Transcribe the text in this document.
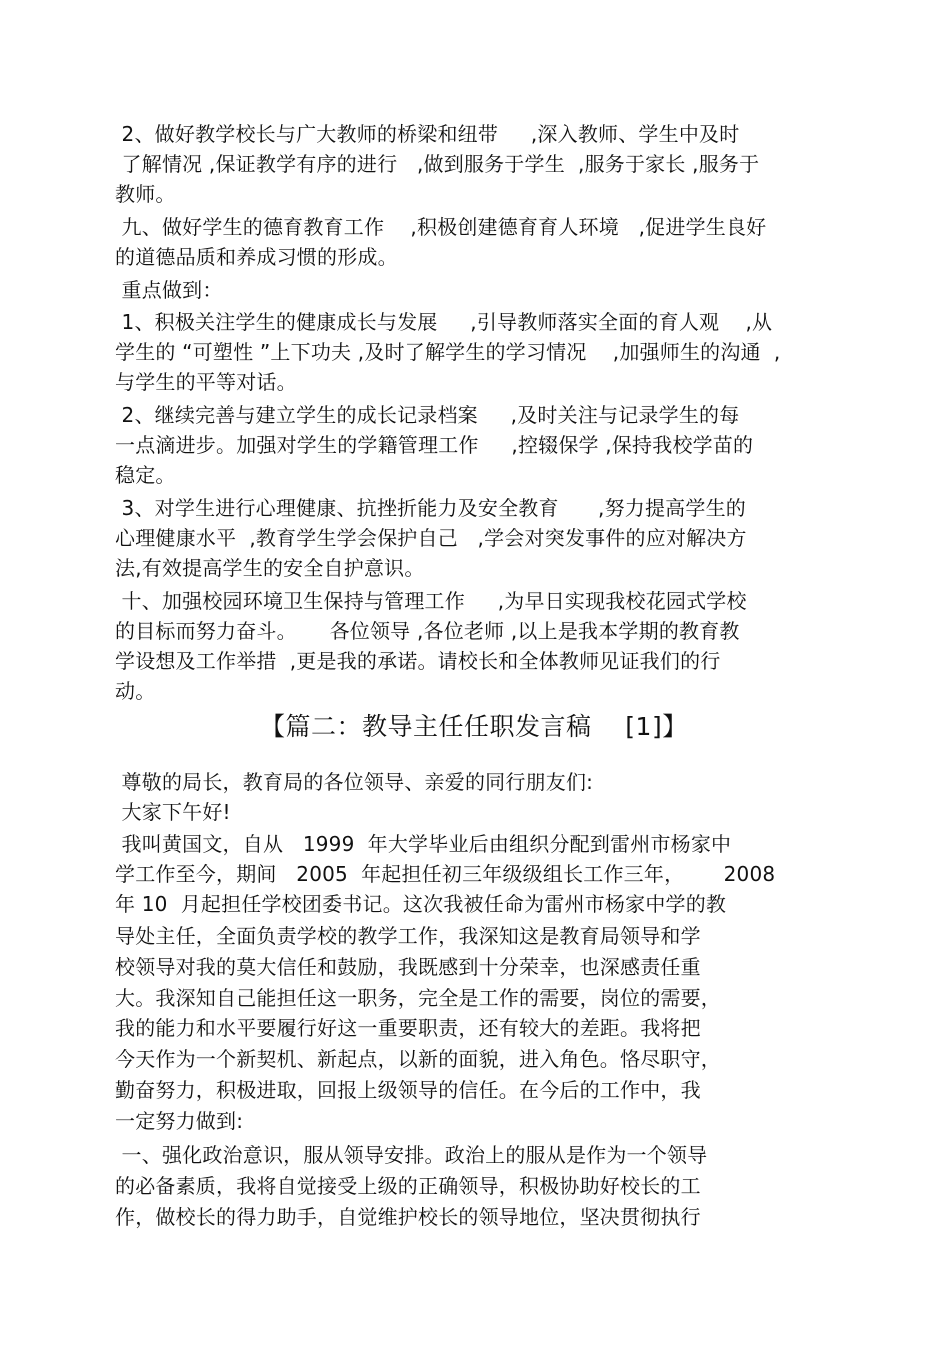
2、做好教学校长与广大教师的桥梁和纽带     ,深入教师、学生中及时
了解情况 ,保证教学有序的进行   ,做到服务于学生  ,服务于家长 ,服务于
教师。
九、做好学生的德育教育工作    ,积极创建德育育人环境   ,促进学生良好
的道德品质和养成习惯的形成。
重点做到：
1、积极关注学生的健康成长与发展     ,引导教师落实全面的育人观    ,从
学生的 “可塑性 ”上下功夫 ,及时了解学生的学习情况    ,加强师生的沟通  ,
与学生的平等对话。
2、继续完善与建立学生的成长记录档案     ,及时关注与记录学生的每
一点滴进步。加强对学生的学籍管理工作     ,控辍保学 ,保持我校学苗的
稳定。
3、对学生进行心理健康、抗挫折能力及安全教育      ,努力提高学生的
心理健康水平  ,教育学生学会保护自己   ,学会对突发事件的应对解决方
法,有效提高学生的安全自护意识。
十、加强校园环境卫生保持与管理工作     ,为早日实现我校花园式学校
的目标而努力奋斗。     各位领导 ,各位老师 ,以上是我本学期的教育教
学设想及工作举措  ,更是我的承诺。请校长和全体教师见证我们的行
动。
【篇二：教导主任任职发言稿    [1]】
尊敬的局长，教育局的各位领导、亲爱的同行朋友们:
大家下午好!
我叫黄国文，自从   1999  年大学毕业后由组织分配到雷州市杨家中
学工作至今，期间   2005  年起担任初三年级级组长工作三年，      2008
年 10  月起担任学校团委书记。这次我被任命为雷州市杨家中学的教
导处主任，全面负责学校的教学工作，我深知这是教育局领导和学
校领导对我的莫大信任和鼓励，我既感到十分荣幸，也深感责任重
大。我深知自己能担任这一职务，完全是工作的需要，岗位的需要，
我的能力和水平要履行好这一重要职责，还有较大的差距。我将把
今天作为一个新契机、新起点，以新的面貌，进入角色。恪尽职守，
勤奋努力，积极进取，回报上级领导的信任。在今后的工作中，我
一定努力做到:
一、强化政治意识，服从领导安排。政治上的服从是作为一个领导
的必备素质，我将自觉接受上级的正确领导，积极协助好校长的工
作，做校长的得力助手，自觉维护校长的领导地位，坚决贯彻执行
